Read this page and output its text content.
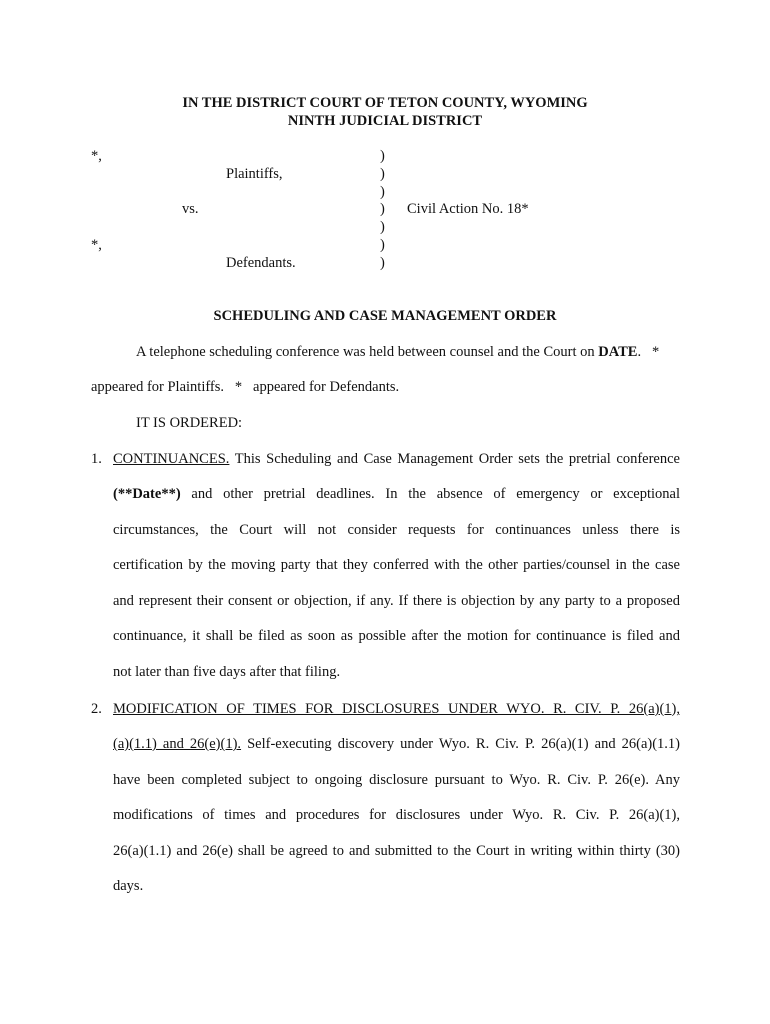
IN THE DISTRICT COURT OF TETON COUNTY, WYOMING
NINTH JUDICIAL DISTRICT
*,
Plaintiffs,
vs.
*,
Defendants.
)
)
)
)
)
)
)
Civil Action No. 18*
SCHEDULING AND CASE MANAGEMENT ORDER
A telephone scheduling conference was held between counsel and the Court on DATE.   *
appeared for Plaintiffs.   *   appeared for Defendants.
IT IS ORDERED:
1. CONTINUANCES. This Scheduling and Case Management Order sets the pretrial conference
(**Date**) and other pretrial deadlines. In the absence of emergency or exceptional
circumstances, the Court will not consider requests for continuances unless there is
certification by the moving party that they conferred with the other parties/counsel in the case
and represent their consent or objection, if any. If there is objection by any party to a proposed
continuance, it shall be filed as soon as possible after the motion for continuance is filed and
not later than five days after that filing.
2. MODIFICATION OF TIMES FOR DISCLOSURES UNDER WYO. R. CIV. P. 26(a)(1),
(a)(1.1) and 26(e)(1). Self-executing discovery under Wyo. R. Civ. P. 26(a)(1) and 26(a)(1.1)
have been completed subject to ongoing disclosure pursuant to Wyo. R. Civ. P. 26(e). Any
modifications of times and procedures for disclosures under Wyo. R. Civ. P. 26(a)(1),
26(a)(1.1) and 26(e) shall be agreed to and submitted to the Court in writing within thirty (30)
days.
